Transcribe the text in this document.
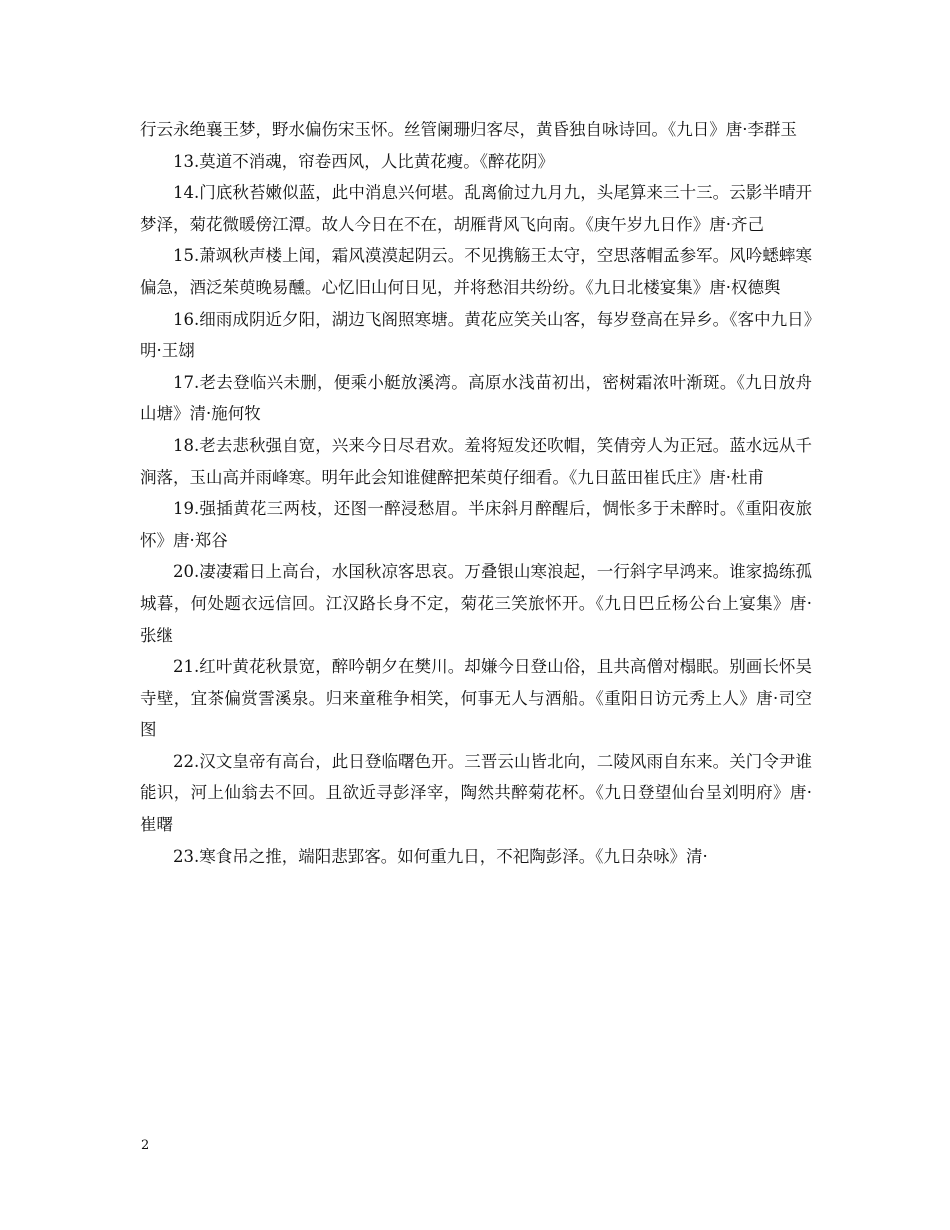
行云永绝襄王梦，野水偏伤宋玉怀。丝管阑珊归客尽，黄昏独自咏诗回。《九日》唐·李群玉

13.莫道不消魂，帘卷西风，人比黄花瘦。《醉花阴》

14.门底秋苔嫩似蓝，此中消息兴何堪。乱离偷过九月九，头尾算来三十三。云影半晴开梦泽，菊花微暖傍江潭。故人今日在不在，胡雁背风飞向南。《庚午岁九日作》唐·齐己

15.萧飒秋声楼上闻，霜风漠漠起阴云。不见携觞王太守，空思落帽孟参军。风吟蟋蟀寒偏急，酒泛茱萸晚易醺。心忆旧山何日见，并将愁泪共纷纷。《九日北楼宴集》唐·权德舆

16.细雨成阴近夕阳，湖边飞阁照寒塘。黄花应笑关山客，每岁登高在异乡。《客中九日》明·王翃

17.老去登临兴未删，便乘小艇放溪湾。高原水浅苗初出，密树霜浓叶渐斑。《九日放舟山塘》清·施何牧

18.老去悲秋强自宽，兴来今日尽君欢。羞将短发还吹帽，笑倩旁人为正冠。蓝水远从千涧落，玉山高并雨峰寒。明年此会知谁健醉把茱萸仔细看。《九日蓝田崔氏庄》唐·杜甫

19.强插黄花三两枝，还图一醉浸愁眉。半床斜月醉醒后，惆怅多于未醉时。《重阳夜旅怀》唐·郑谷

20.凄凄霜日上高台，水国秋凉客思哀。万叠银山寒浪起，一行斜字早鸿来。谁家捣练孤城暮，何处题衣远信回。江汉路长身不定，菊花三笑旅怀开。《九日巴丘杨公台上宴集》唐·张继

21.红叶黄花秋景宽，醉吟朝夕在樊川。却嫌今日登山俗，且共高僧对榻眠。别画长怀吴寺壁，宜茶偏赏霅溪泉。归来童稚争相笑，何事无人与酒船。《重阳日访元秀上人》唐·司空图

22.汉文皇帝有高台，此日登临曙色开。三晋云山皆北向，二陵风雨自东来。关门令尹谁能识，河上仙翁去不回。且欲近寻彭泽宰，陶然共醉菊花杯。《九日登望仙台呈刘明府》唐·崔曙

23.寒食吊之推，端阳悲郢客。如何重九日，不祀陶彭泽。《九日杂咏》清·

2
